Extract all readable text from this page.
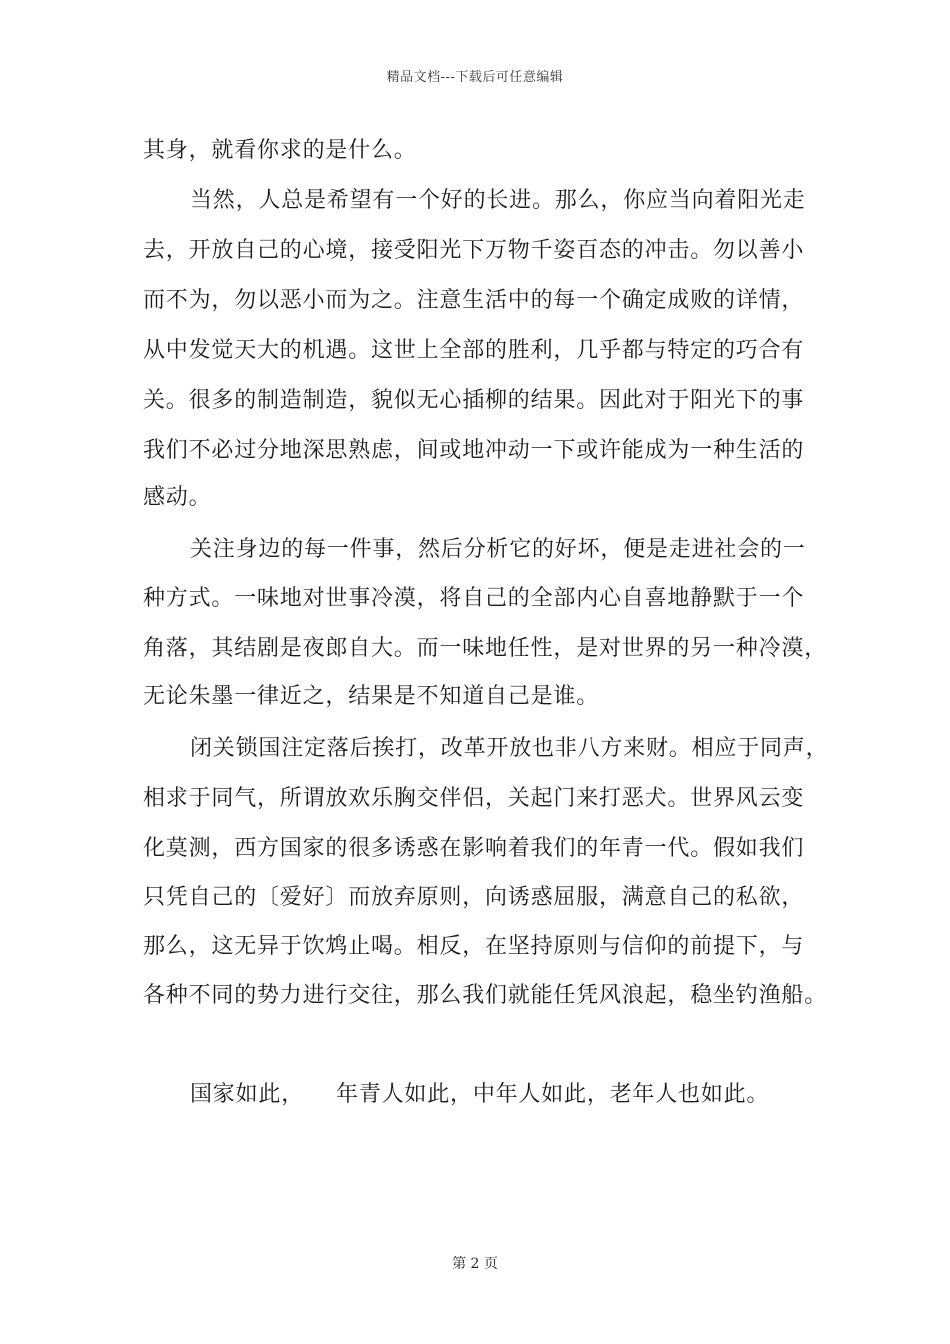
精品文档---下载后可任意编辑
其身，就看你求的是什么。
当然，人总是希望有一个好的长进。那么，你应当向着阳光走
去，开放自己的心境，接受阳光下万物千姿百态的冲击。勿以善小
而不为，勿以恶小而为之。注意生活中的每一个确定成败的详情，
从中发觉天大的机遇。这世上全部的胜利，几乎都与特定的巧合有
关。很多的制造制造，貌似无心插柳的结果。因此对于阳光下的事
我们不必过分地深思熟虑，间或地冲动一下或许能成为一种生活的
感动。
关注身边的每一件事，然后分析它的好坏，便是走进社会的一
种方式。一味地对世事冷漠，将自己的全部内心自喜地静默于一个
角落，其结剧是夜郎自大。而一味地任性，是对世界的另一种冷漠，
无论朱墨一律近之，结果是不知道自己是谁。
闭关锁国注定落后挨打，改革开放也非八方来财。相应于同声，
相求于同气，所谓放欢乐胸交伴侣，关起门来打恶犬。世界风云变
化莫测，西方国家的很多诱惑在影响着我们的年青一代。假如我们
只凭自己的〔爱好〕而放弃原则，向诱惑屈服，满意自己的私欲，
那么，这无异于饮鸩止喝。相反，在坚持原则与信仰的前提下，与
各种不同的势力进行交往，那么我们就能任凭风浪起，稳坐钓渔船。
国家如此， 年青人如此，中年人如此，老年人也如此。
第 2 页
